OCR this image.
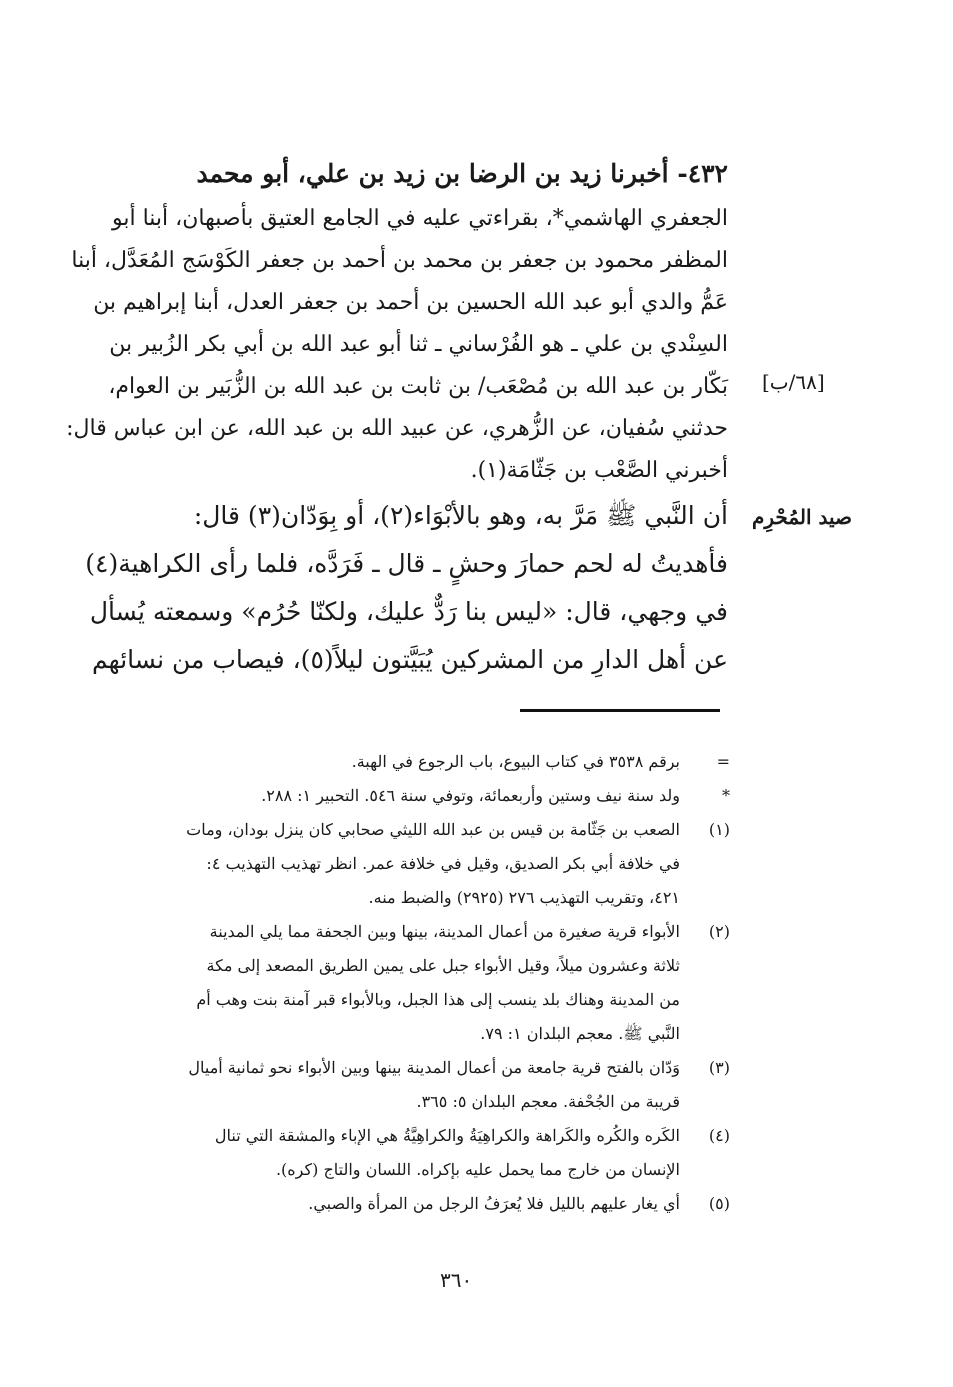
[٦٨/ب]
صيد المُحْرِم
٤٣٢- أخبرنا زيد بن الرضا بن زيد بن علي، أبو محمد
الجعفري الهاشمي*، بقراءتي عليه في الجامع العتيق بأصبهان، أبنا أبو
المظفر محمود بن جعفر بن محمد بن أحمد بن جعفر الكَوْسَج المُعَدَّل، أبنا
عَمُّ والدي أبو عبد الله الحسين بن أحمد بن جعفر العدل، أبنا إبراهيم بن
السِنْدي بن علي ـ هو الفُرْساني ـ ثنا أبو عبد الله بن أبي بكر الزُبير بن
بَكّار بن عبد الله بن مُصْعَب/ بن ثابت بن عبد الله بن الزُّبَير بن العوام،
حدثني سُفيان، عن الزُّهري، عن عبيد الله بن عبد الله، عن ابن عباس قال:
أخبرني الصَّعْب بن جَثّامَة(١).
أن النَّبي ﷺ مَرَّ به، وهو بالأبْوَاء(٢)، أو بِوَدّان(٣) قال:
فأهديتُ له لحم حمارَ وحشٍ ـ قال ـ فَرَدَّه، فلما رأى الكراهية(٤)
في وجهي، قال: «ليس بنا رَدٌّ عليك، ولكنّا حُرُم» وسمعته يُسأل
عن أهل الدارِ من المشركين يُبَيَّتون ليلاً(٥)، فيصاب من نسائهم
=
برقم ٣٥٣٨ في كتاب البيوع، باب الرجوع في الهبة.
*
ولد سنة نيف وستين وأربعمائة، وتوفي سنة ٥٤٦. التحبير ١: ٢٨٨.
(١)
الصعب بن جَثّامة بن قيس بن عبد الله الليثي صحابي كان ينزل بودان، ومات
في خلافة أبي بكر الصديق، وقيل في خلافة عمر. انظر تهذيب التهذيب ٤:
٤٢١، وتقريب التهذيب ٢٧٦ (٢٩٢٥) والضبط منه.
(٢)
الأبواء قرية صغيرة من أعمال المدينة، بينها وبين الجحفة مما يلي المدينة
ثلاثة وعشرون ميلاً، وقيل الأبواء جبل على يمين الطريق المصعد إلى مكة
من المدينة وهناك بلد ينسب إلى هذا الجبل، وبالأبواء قبر آمنة بنت وهب أم
النَّبي ﷺ. معجم البلدان ١: ٧٩.
(٣)
وَدّان بالفتح قرية جامعة من أعمال المدينة بينها وبين الأبواء نحو ثمانية أميال
قريبة من الجُحْفة. معجم البلدان ٥: ٣٦٥.
(٤)
الكَره والكُره والكَراهة والكراهِيَةُ والكراهِيَّةُ هي الإباء والمشقة التي تنال
الإنسان من خارج مما يحمل عليه بإكراه. اللسان والتاج (كره).
(٥)
أي يغار عليهم بالليل فلا يُعرَفُ الرجل من المرأة والصبي.
٣٦٠
